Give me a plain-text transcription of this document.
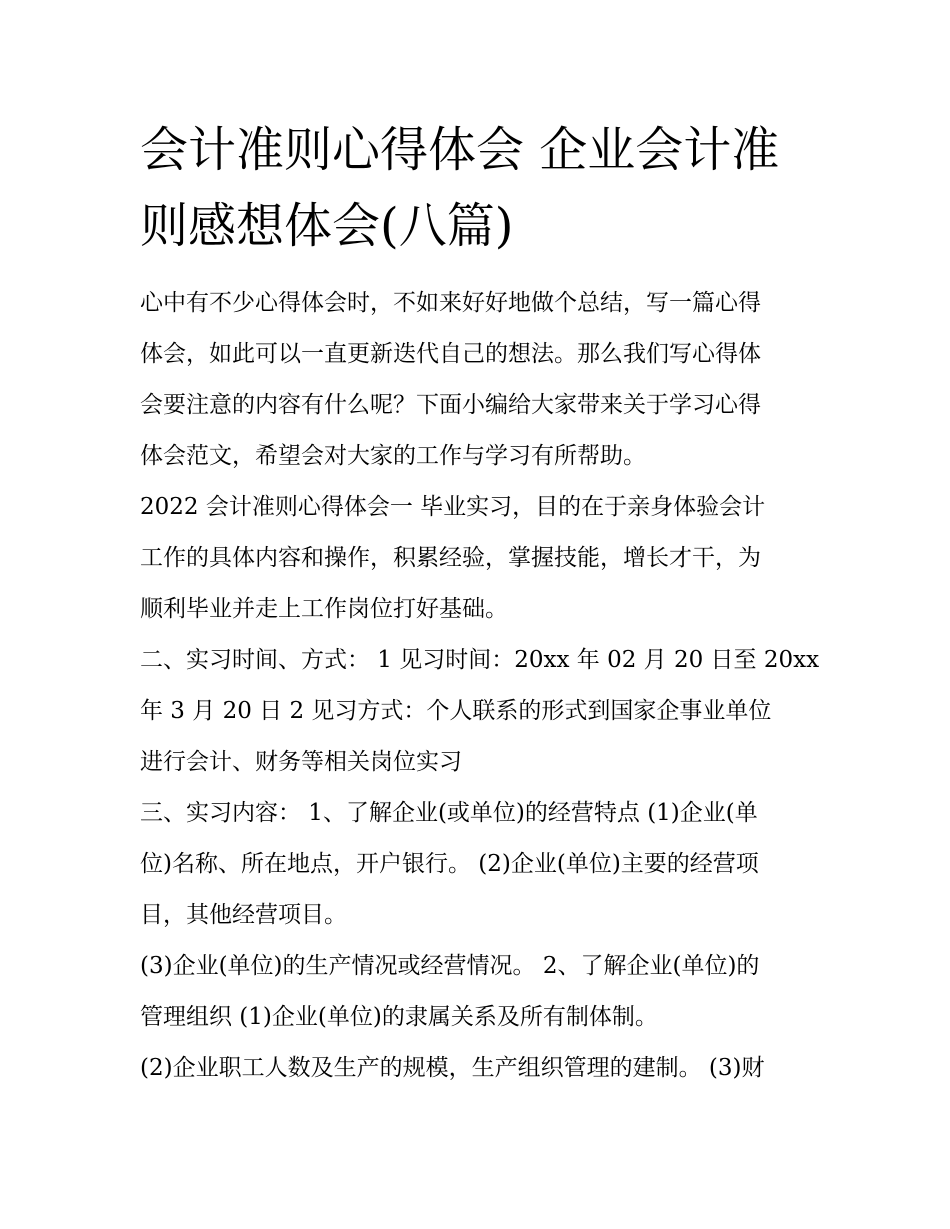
会计准则心得体会 企业会计准
则感想体会(八篇)

心中有不少心得体会时，不如来好好地做个总结，写一篇心得
体会，如此可以一直更新迭代自己的想法。那么我们写心得体
会要注意的内容有什么呢？下面小编给大家带来关于学习心得
体会范文，希望会对大家的工作与学习有所帮助。

2022 会计准则心得体会一 毕业实习，目的在于亲身体验会计
工作的具体内容和操作，积累经验，掌握技能，增长才干，为
顺利毕业并走上工作岗位打好基础。

二、实习时间、方式： 1 见习时间：20xx 年 02 月 20 日至 20xx
年 3 月 20 日 2 见习方式：个人联系的形式到国家企事业单位
进行会计、财务等相关岗位实习

三、实习内容： 1、了解企业(或单位)的经营特点 (1)企业(单
位)名称、所在地点，开户银行。 (2)企业(单位)主要的经营项
目，其他经营项目。

(3)企业(单位)的生产情况或经营情况。 2、了解企业(单位)的
管理组织 (1)企业(单位)的隶属关系及所有制体制。

(2)企业职工人数及生产的规模，生产组织管理的建制。 (3)财
